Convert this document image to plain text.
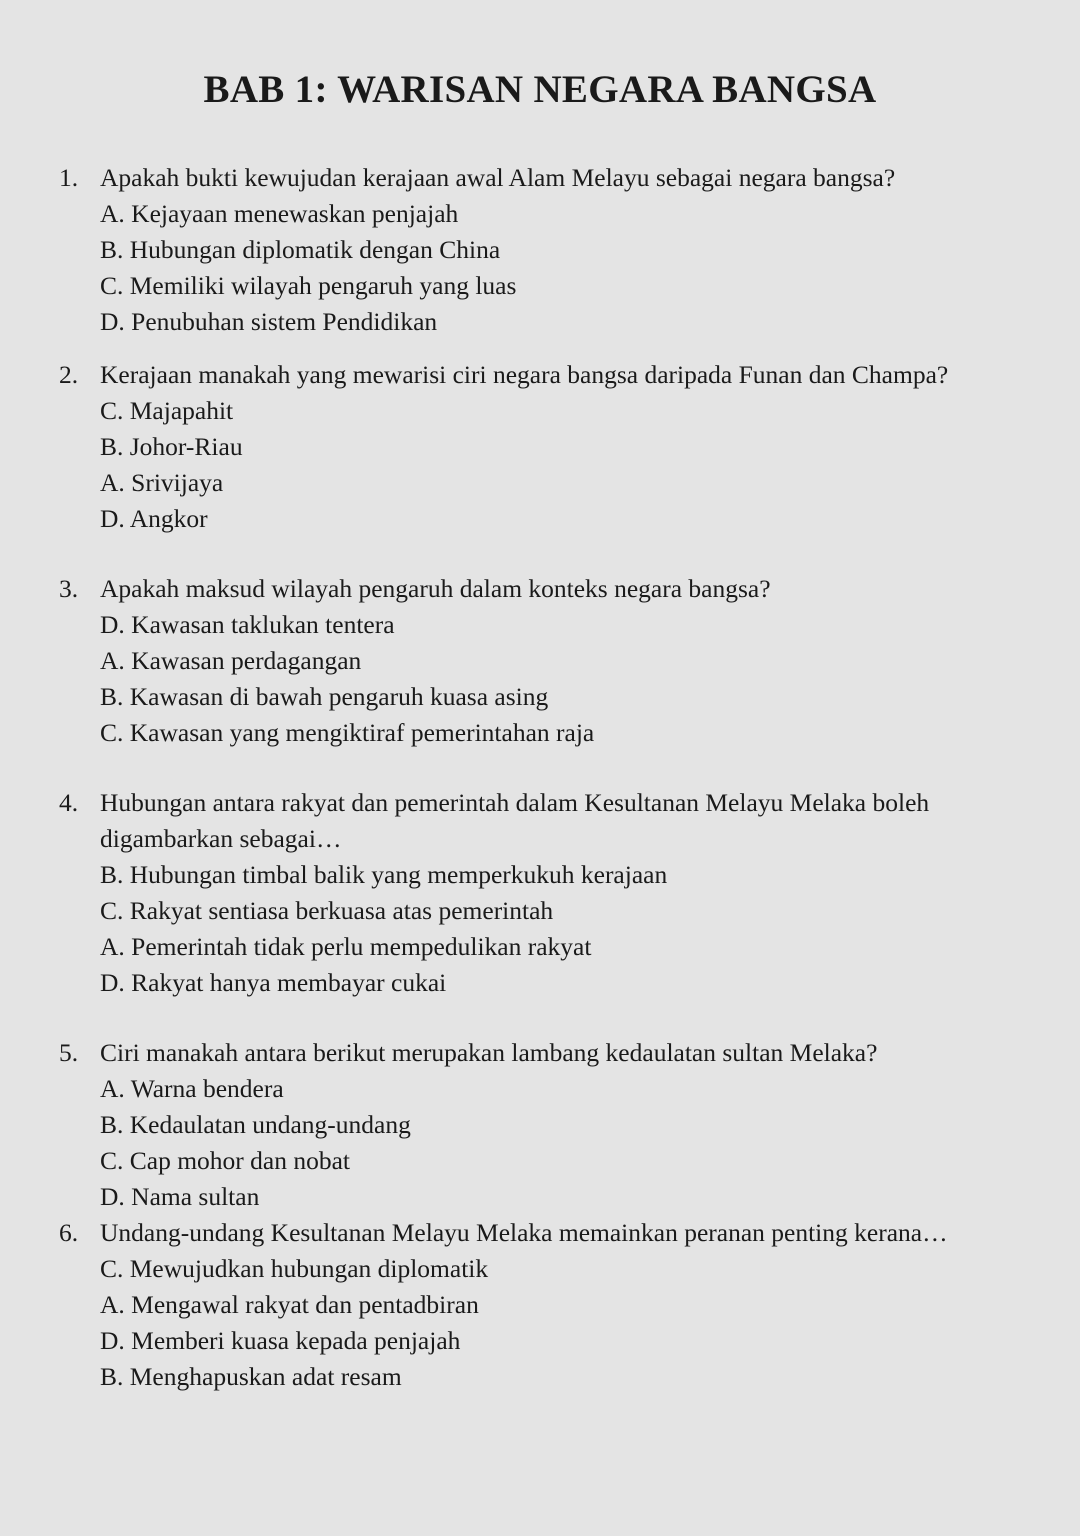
BAB 1: WARISAN NEGARA BANGSA
1. Apakah bukti kewujudan kerajaan awal Alam Melayu sebagai negara bangsa?
A. Kejayaan menewaskan penjajah
B. Hubungan diplomatik dengan China
C. Memiliki wilayah pengaruh yang luas
D. Penubuhan sistem Pendidikan
2. Kerajaan manakah yang mewarisi ciri negara bangsa daripada Funan dan Champa?
C. Majapahit
B. Johor-Riau
A. Srivijaya
D. Angkor
3. Apakah maksud wilayah pengaruh dalam konteks negara bangsa?
D. Kawasan taklukan tentera
A. Kawasan perdagangan
B. Kawasan di bawah pengaruh kuasa asing
C. Kawasan yang mengiktiraf pemerintahan raja
4. Hubungan antara rakyat dan pemerintah dalam Kesultanan Melayu Melaka boleh digambarkan sebagai…
B. Hubungan timbal balik yang memperkukuh kerajaan
C. Rakyat sentiasa berkuasa atas pemerintah
A. Pemerintah tidak perlu mempedulikan rakyat
D. Rakyat hanya membayar cukai
5. Ciri manakah antara berikut merupakan lambang kedaulatan sultan Melaka?
A. Warna bendera
B. Kedaulatan undang-undang
C. Cap mohor dan nobat
D. Nama sultan
6. Undang-undang Kesultanan Melayu Melaka memainkan peranan penting kerana…
C. Mewujudkan hubungan diplomatik
A. Mengawal rakyat dan pentadbiran
D. Memberi kuasa kepada penjajah
B. Menghapuskan adat resam
